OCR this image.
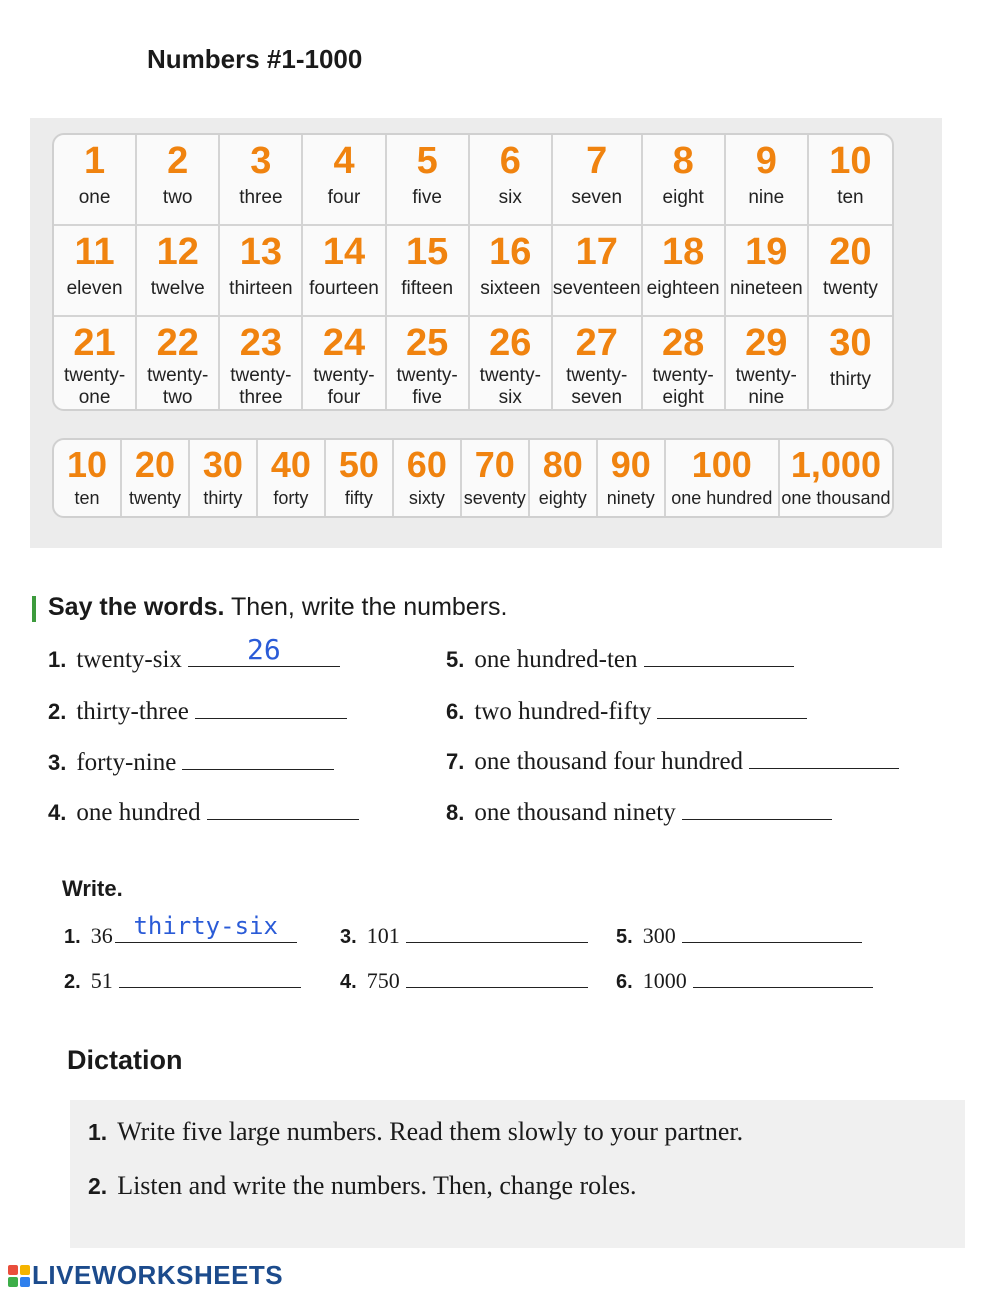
Numbers #1-1000
1
one
2
two
3
three
4
four
5
five
6
six
7
seven
8
eight
9
nine
10
ten
11
eleven
12
twelve
13
thirteen
14
fourteen
15
fifteen
16
sixteen
17
seventeen
18
eighteen
19
nineteen
20
twenty
21
twenty-
one
22
twenty-
two
23
twenty-
three
24
twenty-
four
25
twenty-
five
26
twenty-
six
27
twenty-
seven
28
twenty-
eight
29
twenty-
nine
30
thirty
10
ten
20
twenty
30
thirty
40
forty
50
fifty
60
sixty
70
seventy
80
eighty
90
ninety
100
one hundred
1,000
one thousand
Say the words. Then, write the numbers.
1. twenty-six	26
2. thirty-three
3. forty-nine
4. one hundred
5. one hundred-ten
6. two hundred-fifty
7. one thousand four hundred
8. one thousand ninety
Write.
1. 36 thirty-six
2. 51
3. 101
4. 750
5. 300
6. 1000
Dictation
1. Write five large numbers. Read them slowly to your partner.
2. Listen and write the numbers. Then, change roles.
LIVEWORKSHEETS
